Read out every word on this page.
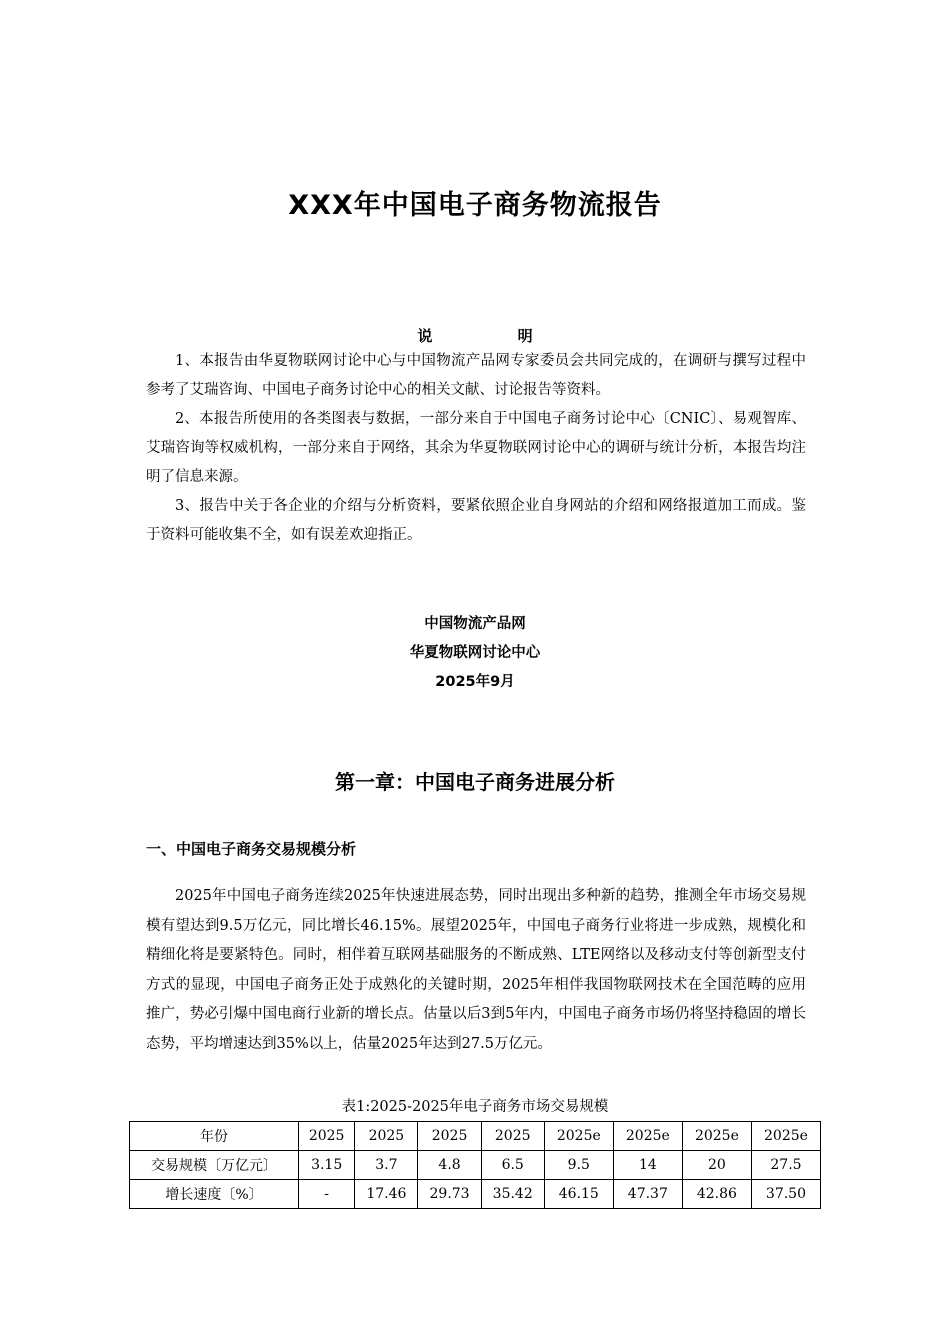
XXX年中国电子商务物流报告
说 明

1、本报告由华夏物联网讨论中心与中国物流产品网专家委员会共同完成的，在调研与撰写过程中参考了艾瑞咨询、中国电子商务讨论中心的相关文献、讨论报告等资料。

2、本报告所使用的各类图表与数据，一部分来自于中国电子商务讨论中心〔CNIC〕、易观智库、艾瑞咨询等权威机构，一部分来自于网络，其余为华夏物联网讨论中心的调研与统计分析，本报告均注明了信息来源。

3、报告中关于各企业的介绍与分析资料，要紧依照企业自身网站的介绍和网络报道加工而成。鉴于资料可能收集不全，如有误差欢迎指正。

中国物流产品网
华夏物联网讨论中心
2025年9月
第一章：中国电子商务进展分析
一、中国电子商务交易规模分析

2025年中国电子商务连续2025年快速进展态势，同时出现出多种新的趋势，推测全年市场交易规模有望达到9.5万亿元，同比增长46.15%。展望2025年，中国电子商务行业将进一步成熟，规模化和精细化将是要紧特色。同时，相伴着互联网基础服务的不断成熟、LTE网络以及移动支付等创新型支付方式的显现，中国电子商务正处于成熟化的关键时期，2025年相伴我国物联网技术在全国范畴的应用推广，势必引爆中国电商行业新的增长点。估量以后3到5年内，中国电子商务市场仍将坚持稳固的增长态势，平均增速达到35%以上，估量2025年达到27.5万亿元。

表1:2025-2025年电子商务市场交易规模
年份	2025	2025	2025	2025	2025e	2025e	2025e	2025e
交易规模〔万亿元〕	3.15	3.7	4.8	6.5	9.5	14	20	27.5
增长速度〔%〕	-	17.46	29.73	35.42	46.15	47.37	42.86	37.50
